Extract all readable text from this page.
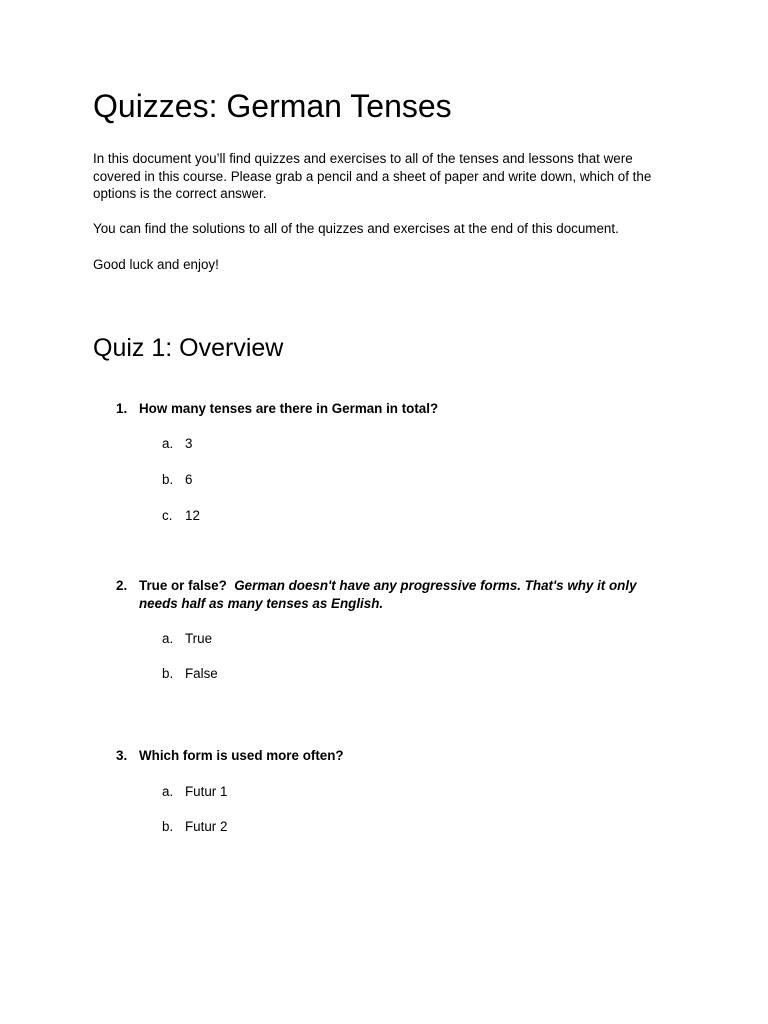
Quizzes: German Tenses

In this document you’ll find quizzes and exercises to all of the tenses and lessons that were covered in this course. Please grab a pencil and a sheet of paper and write down, which of the options is the correct answer.

You can find the solutions to all of the quizzes and exercises at the end of this document.

Good luck and enjoy!

Quiz 1: Overview
1. How many tenses are there in German in total?
a. 3
b. 6
c. 12
2. True or false? German doesn't have any progressive forms. That's why it only needs half as many tenses as English.
a. True
b. False
3. Which form is used more often?
a. Futur 1
b. Futur 2
